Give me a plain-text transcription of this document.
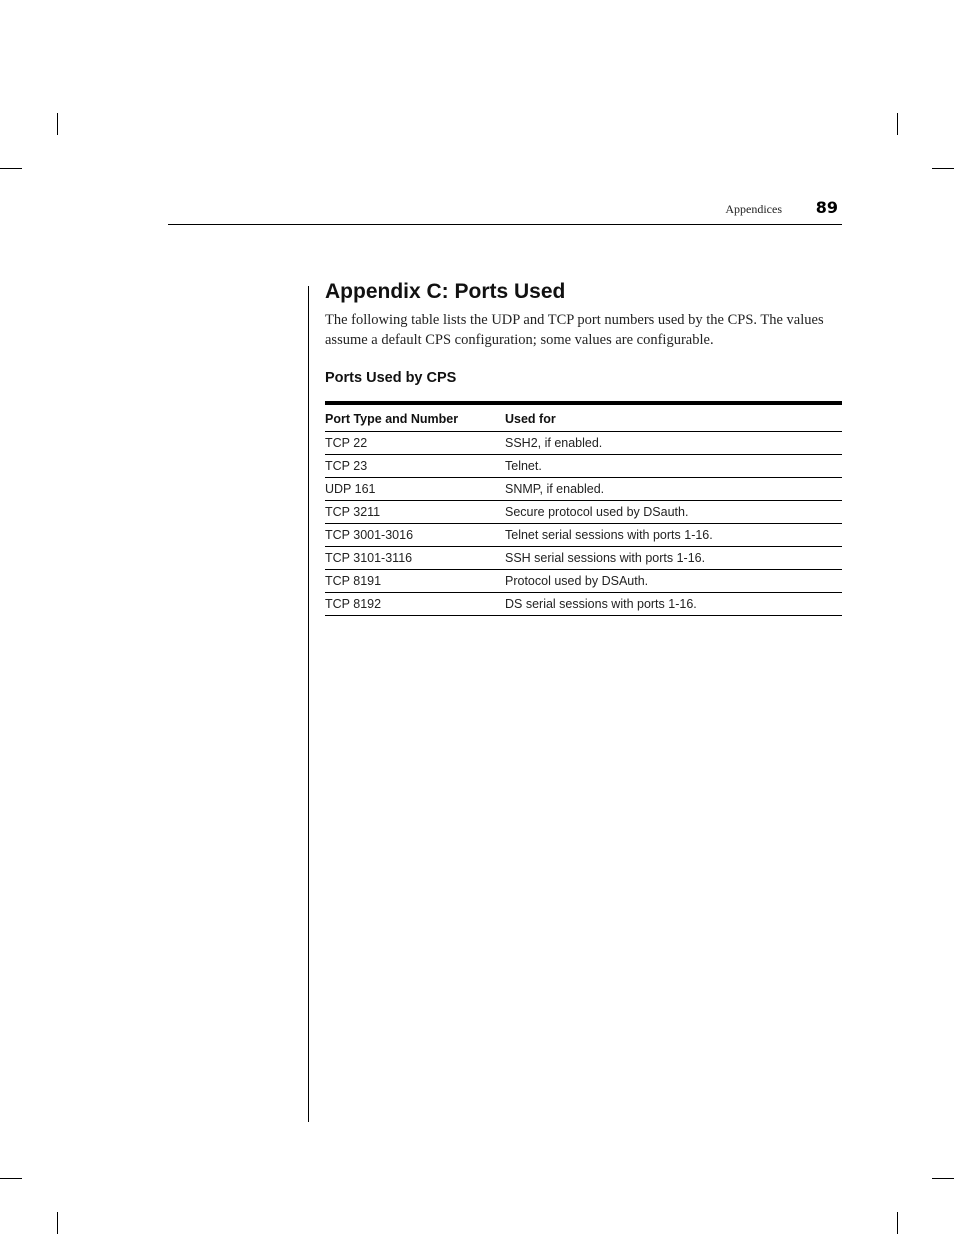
Appendices 89
Appendix C: Ports Used

The following table lists the UDP and TCP port numbers used by the CPS. The values assume a default CPS configuration; some values are configurable.

Ports Used by CPS
Port Type and Number	Used for
TCP 22	SSH2, if enabled.
TCP 23	Telnet.
UDP 161	SNMP, if enabled.
TCP 3211	Secure protocol used by DSauth.
TCP 3001-3016	Telnet serial sessions with ports 1-16.
TCP 3101-3116	SSH serial sessions with ports 1-16.
TCP 8191	Protocol used by DSAuth.
TCP 8192	DS serial sessions with ports 1-16.
